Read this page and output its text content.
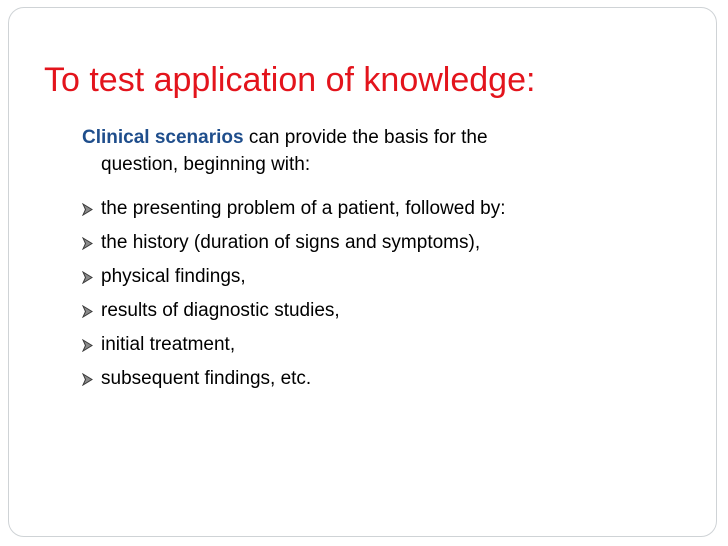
To test application of knowledge:

Clinical scenarios can provide the basis for the
question, beginning with:

the presenting problem of a patient, followed by:
the history (duration of signs and symptoms),
physical findings,
results of diagnostic studies,
initial treatment,
subsequent findings, etc.
